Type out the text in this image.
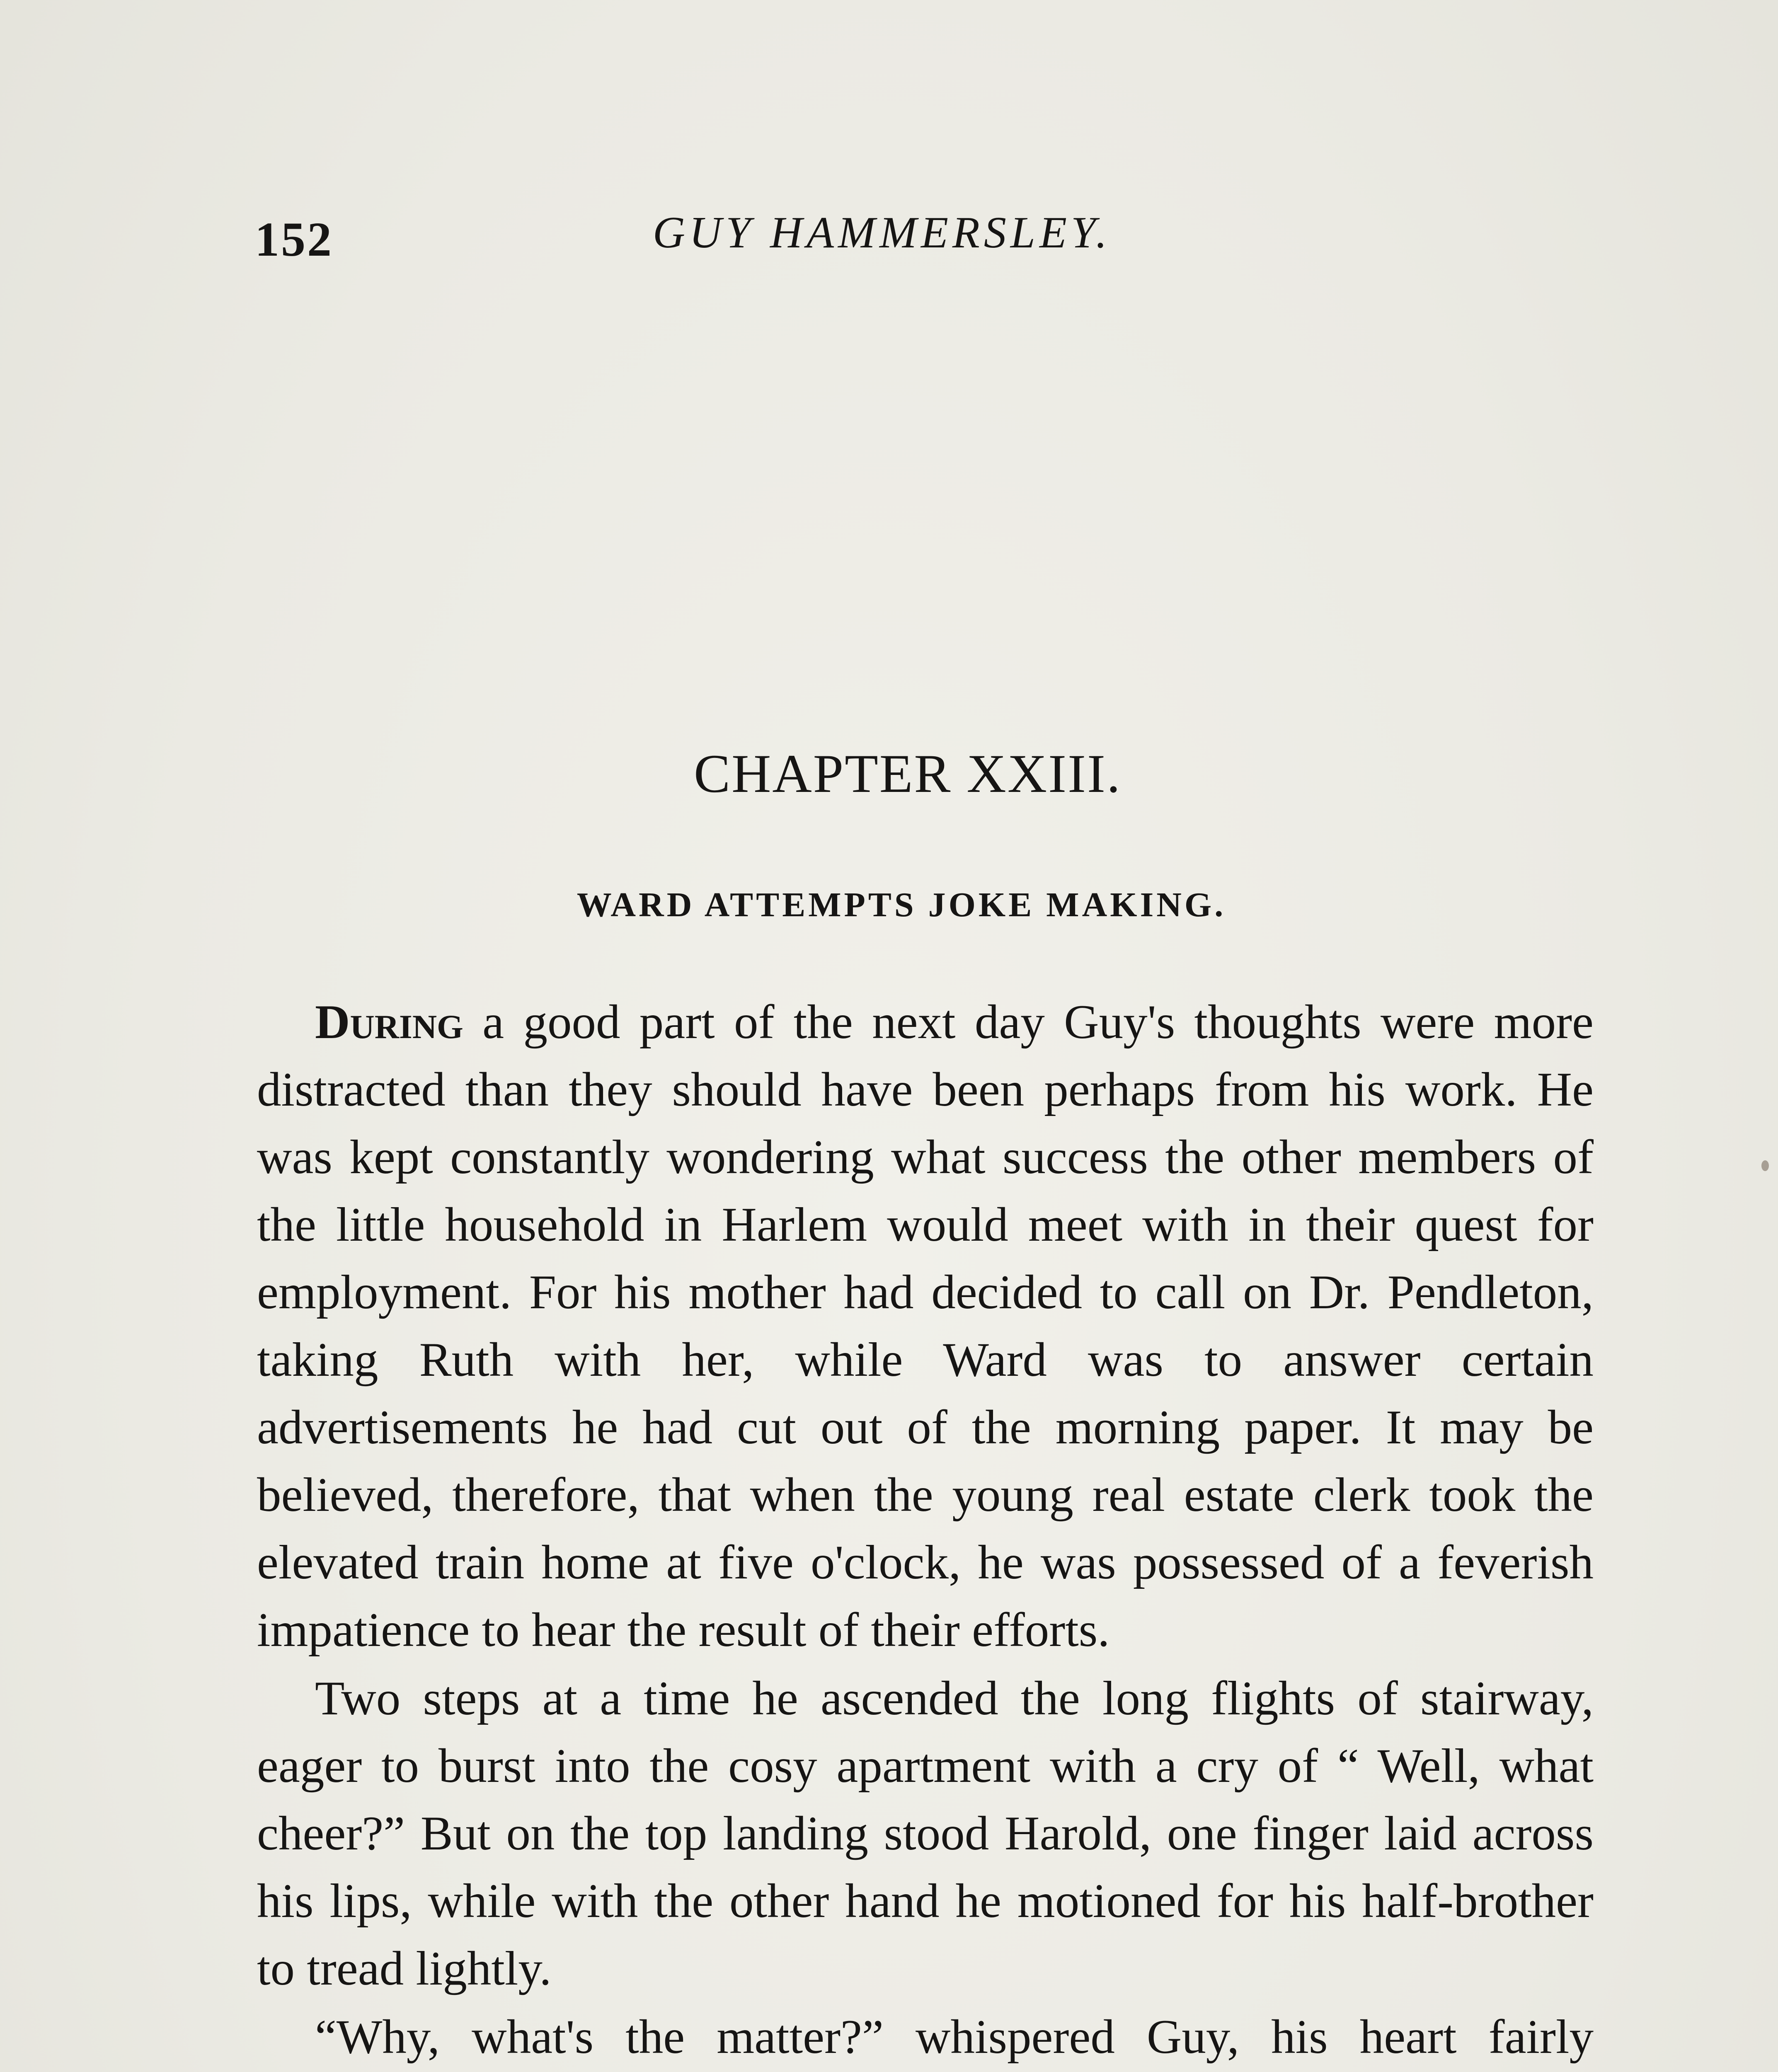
152	GUY HAMMERSLEY.
CHAPTER XXIII.
WARD ATTEMPTS JOKE MAKING.

During a good part of the next day Guy's thoughts were more distracted than they should have been perhaps from his work. He was kept constantly wondering what success the other members of the little household in Harlem would meet with in their quest for employment. For his mother had decided to call on Dr. Pendleton, taking Ruth with her, while Ward was to answer certain advertisements he had cut out of the morning paper. It may be believed, therefore, that when the young real estate clerk took the elevated train home at five o'clock, he was possessed of a feverish impatience to hear the result of their efforts.

Two steps at a time he ascended the long flights of stairway, eager to burst into the cosy apartment with a cry of “ Well, what cheer?” But on the top landing stood Harold, one finger laid across his lips, while with the other hand he motioned for his half-brother to tread lightly.

“Why, what's the matter?” whispered Guy, his heart fairly
